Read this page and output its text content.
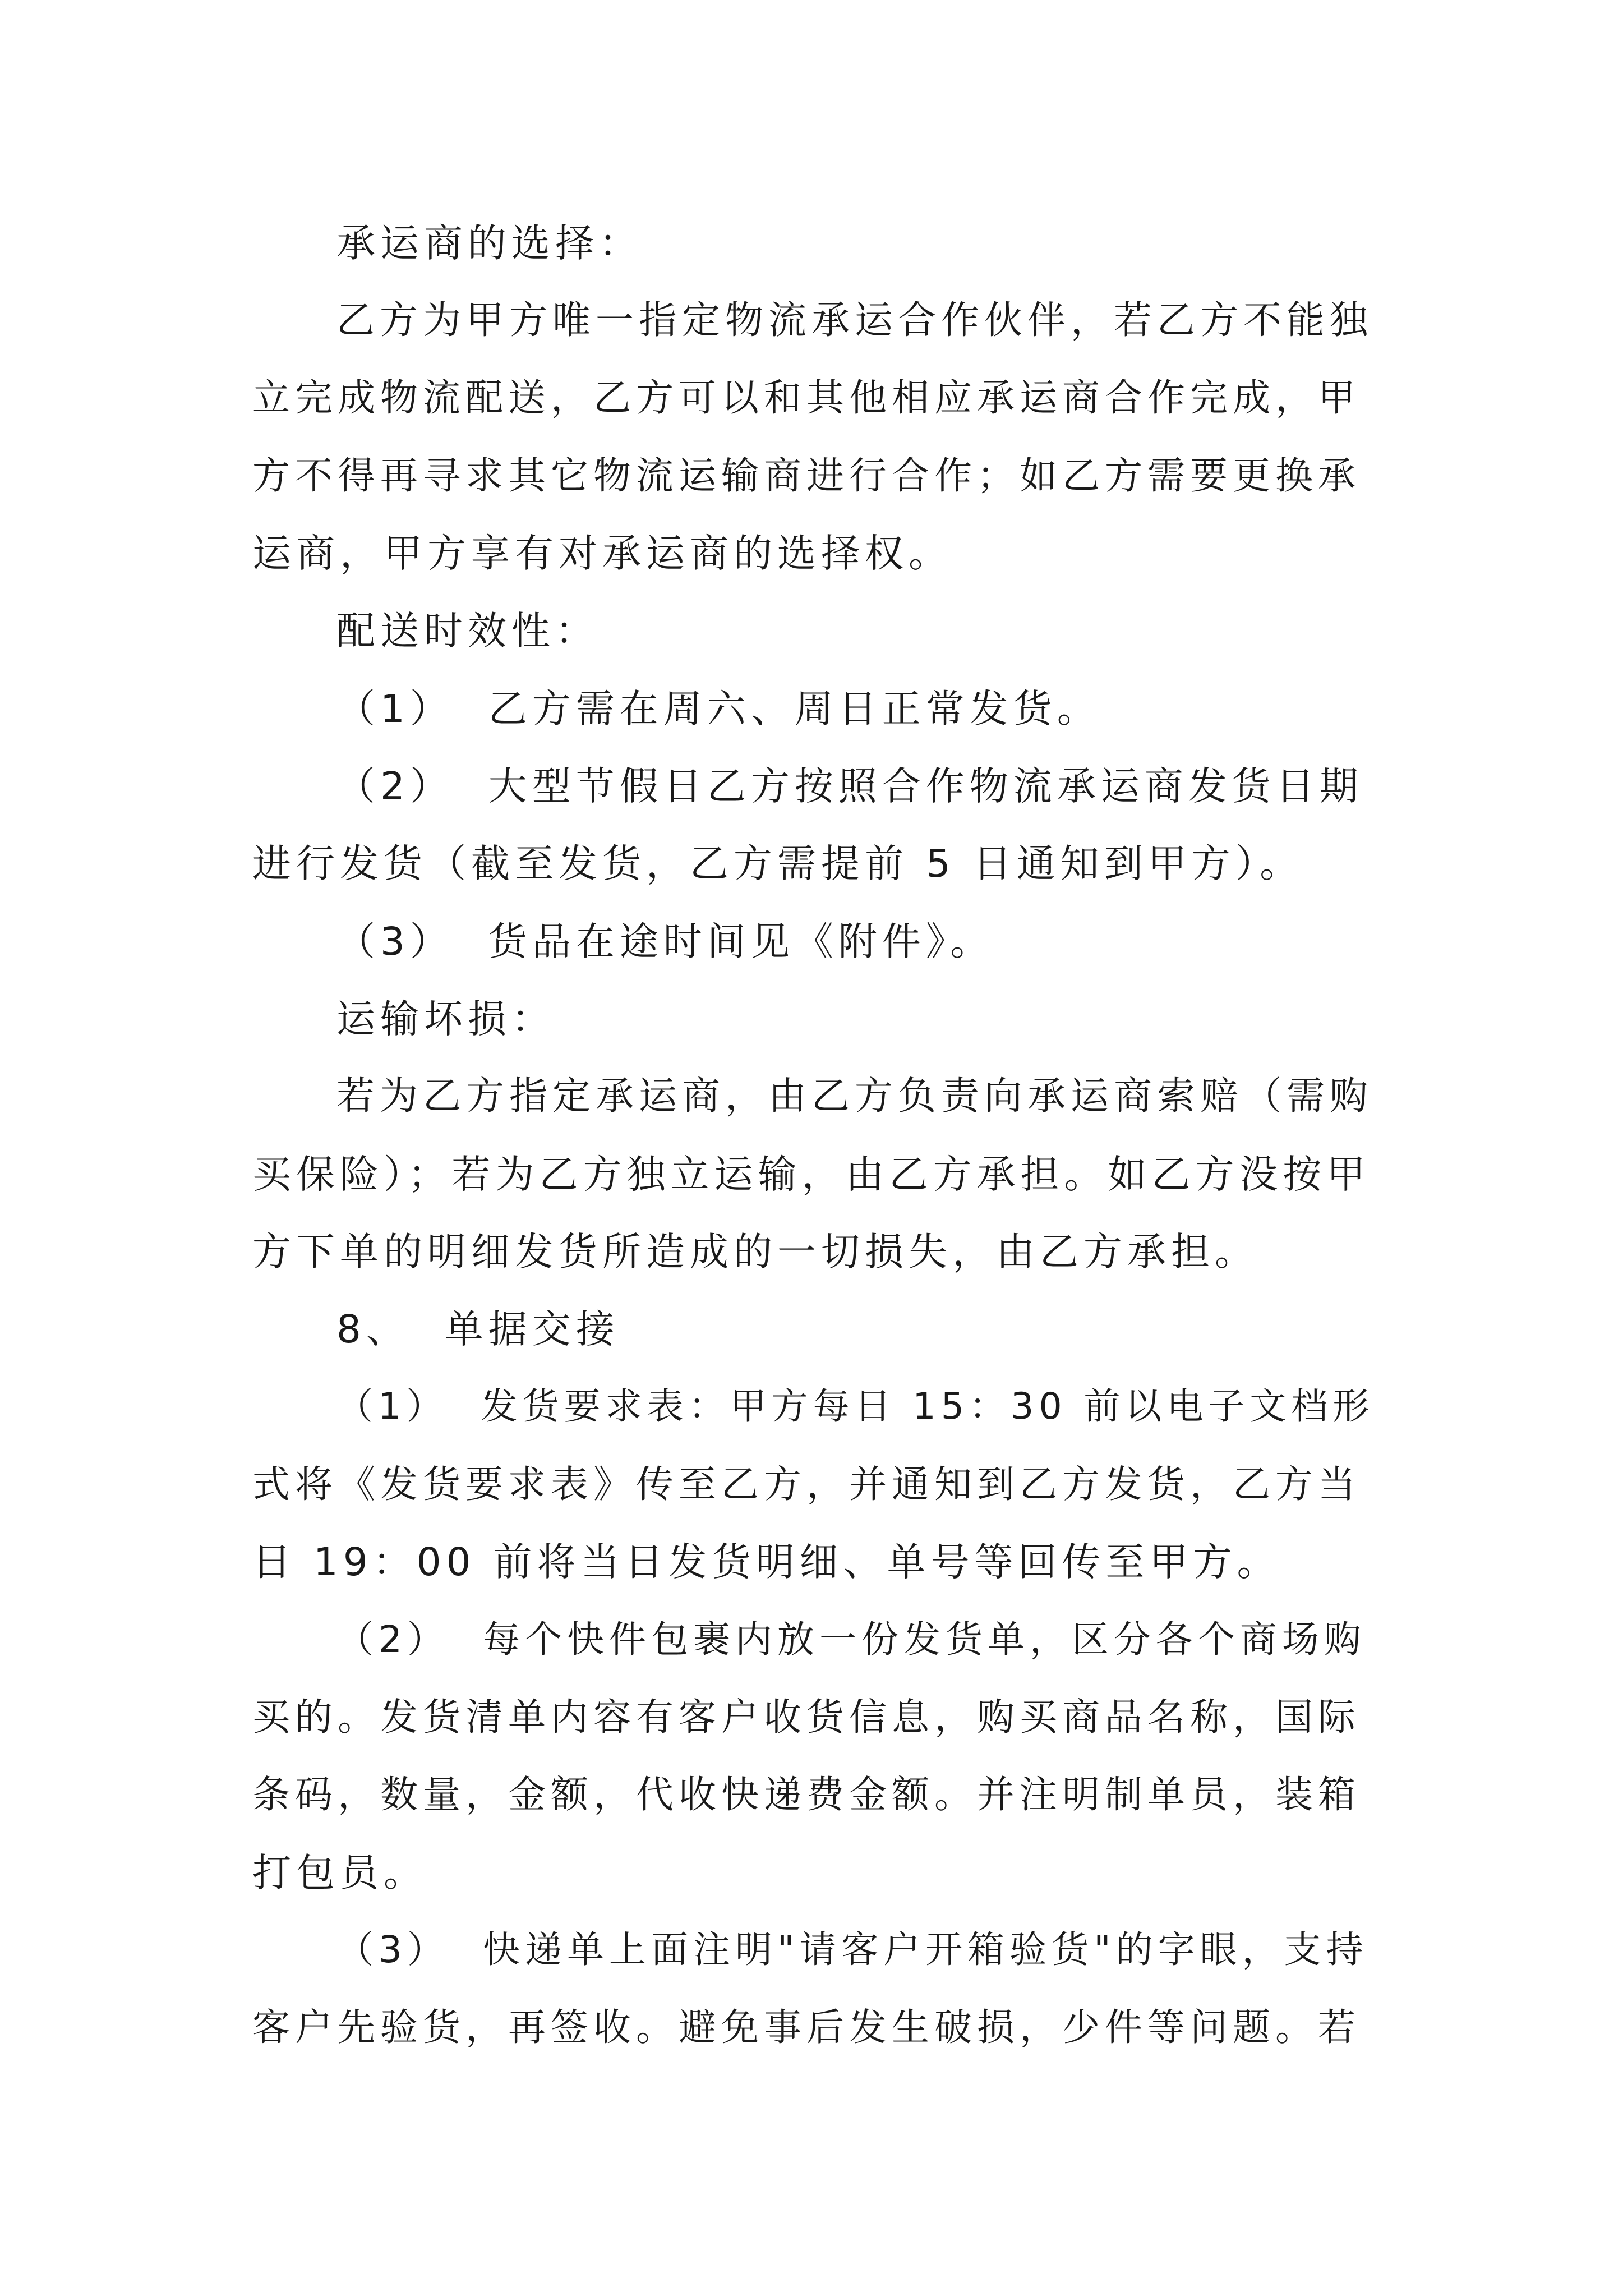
承运商的选择：
乙方为甲方唯一指定物流承运合作伙伴，若乙方不能独
立完成物流配送，乙方可以和其他相应承运商合作完成，甲
方不得再寻求其它物流运输商进行合作；如乙方需要更换承
运商，甲方享有对承运商的选择权。
配送时效性：
（1）  乙方需在周六、周日正常发货。
（2）  大型节假日乙方按照合作物流承运商发货日期
进行发货（截至发货，乙方需提前 5 日通知到甲方）。
（3）  货品在途时间见《附件》。
运输坏损：
若为乙方指定承运商，由乙方负责向承运商索赔（需购
买保险）；若为乙方独立运输，由乙方承担。如乙方没按甲
方下单的明细发货所造成的一切损失，由乙方承担。
8、  单据交接
（1）  发货要求表：甲方每日 15：30 前以电子文档形
式将《发货要求表》传至乙方，并通知到乙方发货，乙方当
日 19：00 前将当日发货明细、单号等回传至甲方。
（2）  每个快件包裹内放一份发货单，区分各个商场购
买的。发货清单内容有客户收货信息，购买商品名称，国际
条码，数量，金额，代收快递费金额。并注明制单员，装箱
打包员。
（3）  快递单上面注明"请客户开箱验货"的字眼，支持
客户先验货，再签收。避免事后发生破损，少件等问题。若
